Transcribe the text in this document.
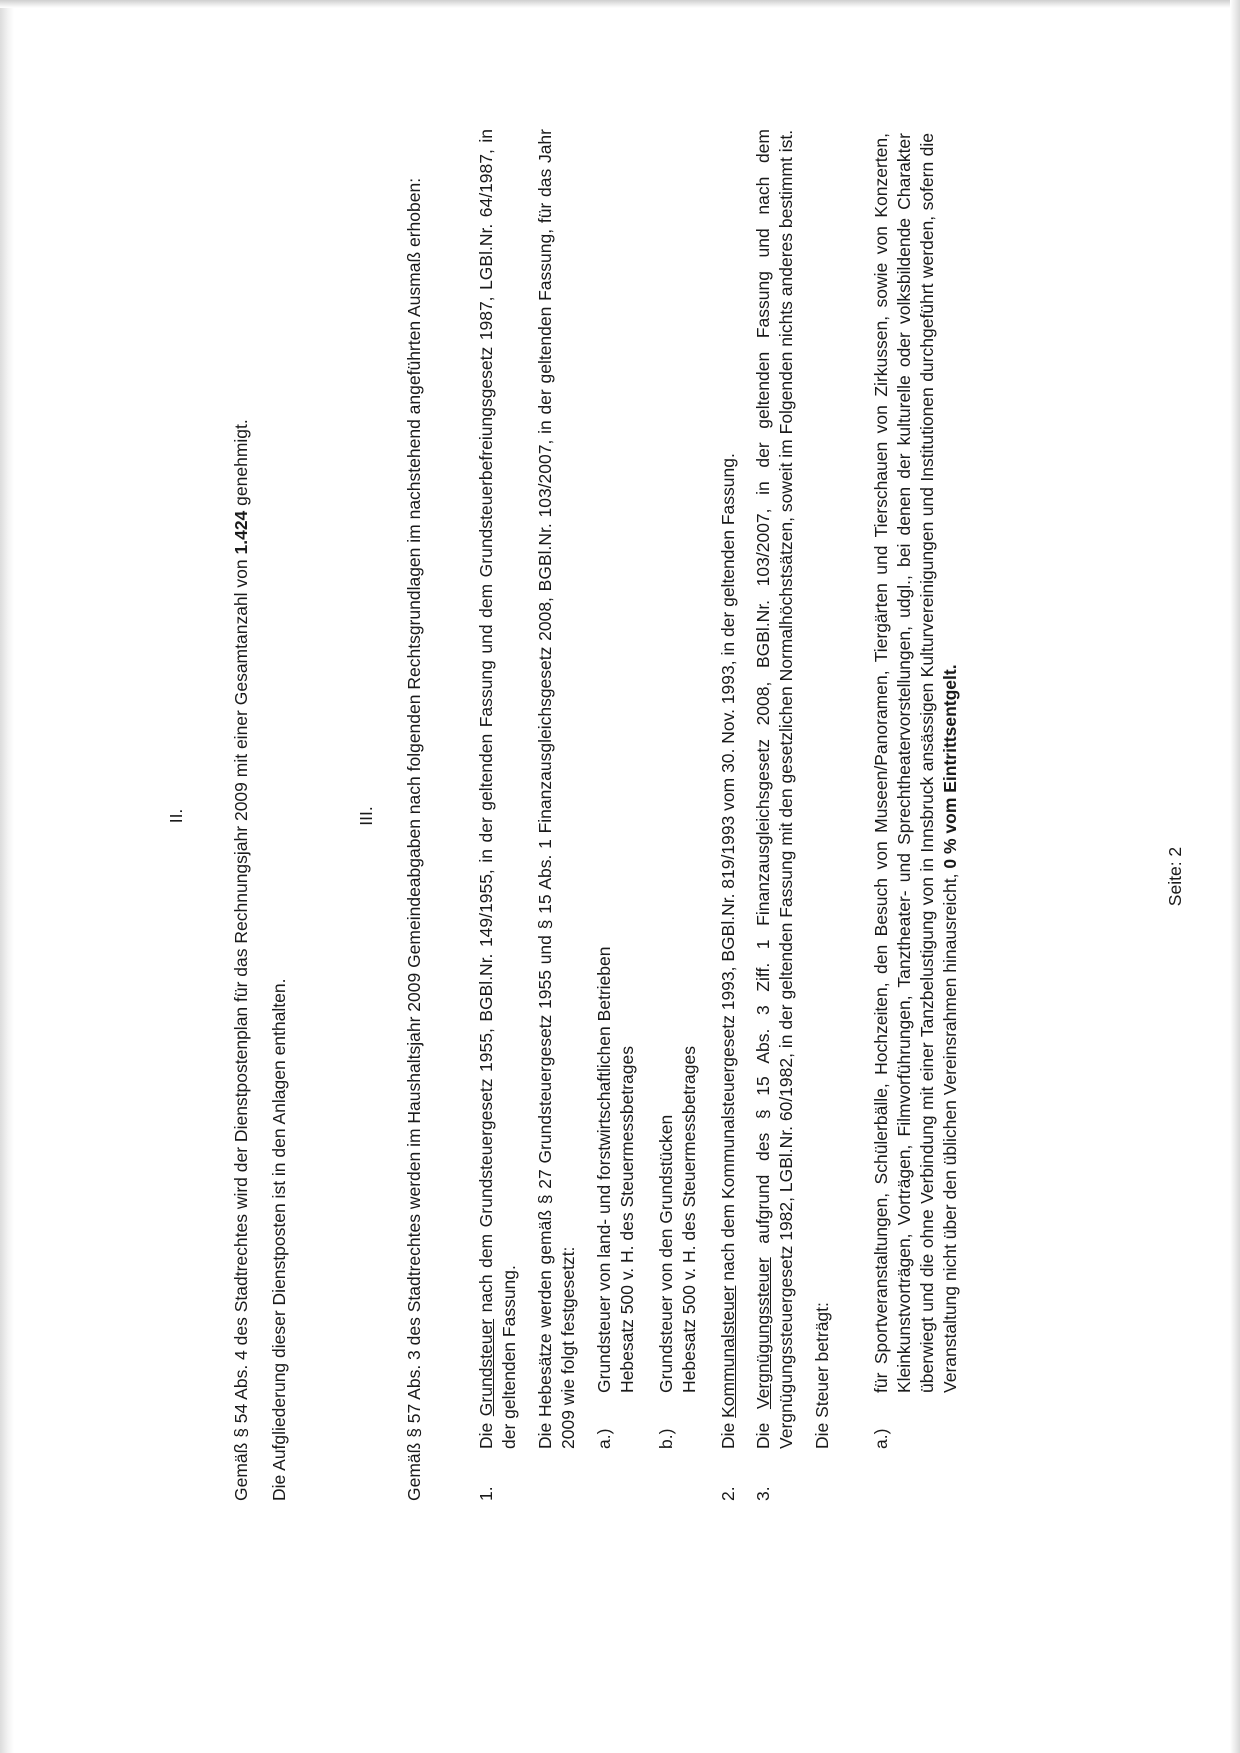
II.	Gemäß § 54 Abs. 4 des Stadtrechtes wird der Dienstpostenplan für das Rechnungsjahr 2009 mit einer Gesamtanzahl von 1.424 genehmigt.

Die Aufgliederung dieser Dienstposten ist in den Anlagen enthalten.

III. Gemäß § 57 Abs. 3 des Stadtrechtes werden im Haushaltsjahr 2009 Gemeindeabgaben nach folgenden Rechtsgrundlagen im nachstehend angeführten Ausmaß erhoben:	1.

Die Grundsteuer nach dem Grundsteuergesetz 1955, BGBl.Nr. 149/1955, in der geltenden Fassung und dem Grundsteuerbefreiungsgesetz 1987, LGBl.Nr. 64/1987, in der geltenden Fassung. Die Hebesätze werden gemäß § 27 Grundsteuergesetz 1955 und § 15 Abs. 1 Finanzausgleichsgesetz 2008, BGBl.Nr. 103/2007, in der geltenden Fassung, für das Jahr 2009 wie folgt festgesetzt: a.)

Grundsteuer von land- und forstwirtschaftlichen Betrieben Hebesatz 500 v. H. des Steuermessbetrages

b.)

Grundsteuer von den Grundstücken Hebesatz 500 v. H. des Steuermessbetrages

2.

Die Kommunalsteuer nach dem Kommunalsteuergesetz 1993, BGBl.Nr. 819/1993 vom 30. Nov. 1993, in der geltenden Fassung.

3.

Die Vergnügungssteuer aufgrund des § 15 Abs. 3 Ziff. 1 Finanzausgleichsgesetz 2008, BGBl.Nr. 103/2007, in der geltenden Fassung und nach dem Vergnügungssteuergesetz 1982, LGBl.Nr. 60/1982, in der geltenden Fassung mit den gesetzlichen Normalhöchstsätzen, soweit im Folgenden nichts anderes bestimmt ist. Die Steuer beträgt: a.)

für Sportveranstaltungen, Schülerbälle, Hochzeiten, den Besuch von Museen/Panoramen, Tiergärten und Tierschauen von Zirkussen, sowie von Konzerten, Kleinkunstvorträgen, Vorträgen, Filmvorführungen, Tanztheater- und Sprechtheatervorstellungen, udgl., bei denen der kulturelle oder volksbildende Charakter überwiegt und die ohne Verbindung mit einer Tanzbelustigung von in Innsbruck ansässigen Kulturvereinigungen und Institutionen durchgeführt werden, sofern die Veranstaltung nicht über den üblichen Vereinsrahmen hinausreicht, 0 % vom Eintrittsentgelt.

Seite: 2
